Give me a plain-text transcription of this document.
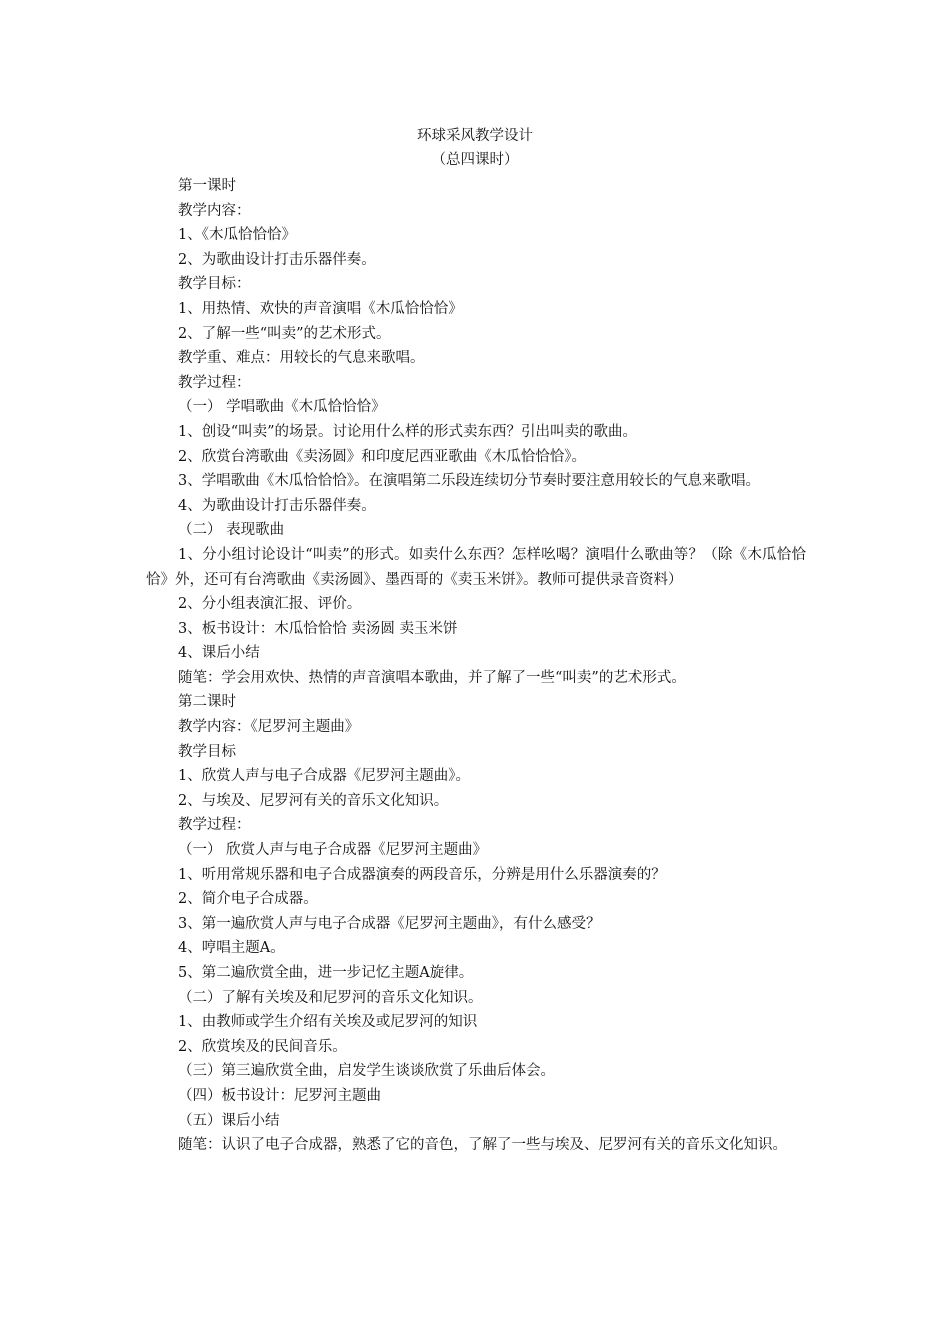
环球采风教学设计
（总四课时）

第一课时

教学内容：

1、《木瓜恰恰恰》

2、为歌曲设计打击乐器伴奏。

教学目标：

1、用热情、欢快的声音演唱《木瓜恰恰恰》

2、了解一些“叫卖”的艺术形式。

教学重、难点：用较长的气息来歌唱。

教学过程：

（一） 学唱歌曲《木瓜恰恰恰》

1、创设“叫卖”的场景。讨论用什么样的形式卖东西？引出叫卖的歌曲。

2、欣赏台湾歌曲《卖汤圆》和印度尼西亚歌曲《木瓜恰恰恰》。

3、学唱歌曲《木瓜恰恰恰》。在演唱第二乐段连续切分节奏时要注意用较长的气息来歌唱。

4、为歌曲设计打击乐器伴奏。

（二） 表现歌曲

1、分小组讨论设计“叫卖”的形式。如卖什么东西？怎样吆喝？演唱什么歌曲等？（除《木瓜恰恰恰》外，还可有台湾歌曲《卖汤圆》、墨西哥的《卖玉米饼》。教师可提供录音资料）

2、分小组表演汇报、评价。

3、板书设计：木瓜恰恰恰 卖汤圆 卖玉米饼

4、课后小结

随笔：学会用欢快、热情的声音演唱本歌曲，并了解了一些“叫卖”的艺术形式。

第二课时

教学内容：《尼罗河主题曲》

教学目标

1、欣赏人声与电子合成器《尼罗河主题曲》。

2、与埃及、尼罗河有关的音乐文化知识。

教学过程：

（一） 欣赏人声与电子合成器《尼罗河主题曲》

1、听用常规乐器和电子合成器演奏的两段音乐，分辨是用什么乐器演奏的？

2、简介电子合成器。

3、第一遍欣赏人声与电子合成器《尼罗河主题曲》，有什么感受？

4、哼唱主题A。

5、第二遍欣赏全曲，进一步记忆主题A旋律。

（二）了解有关埃及和尼罗河的音乐文化知识。

1、由教师或学生介绍有关埃及或尼罗河的知识

2、欣赏埃及的民间音乐。

（三）第三遍欣赏全曲，启发学生谈谈欣赏了乐曲后体会。

（四）板书设计：尼罗河主题曲

（五）课后小结

随笔：认识了电子合成器，熟悉了它的音色，了解了一些与埃及、尼罗河有关的音乐文化知识。
